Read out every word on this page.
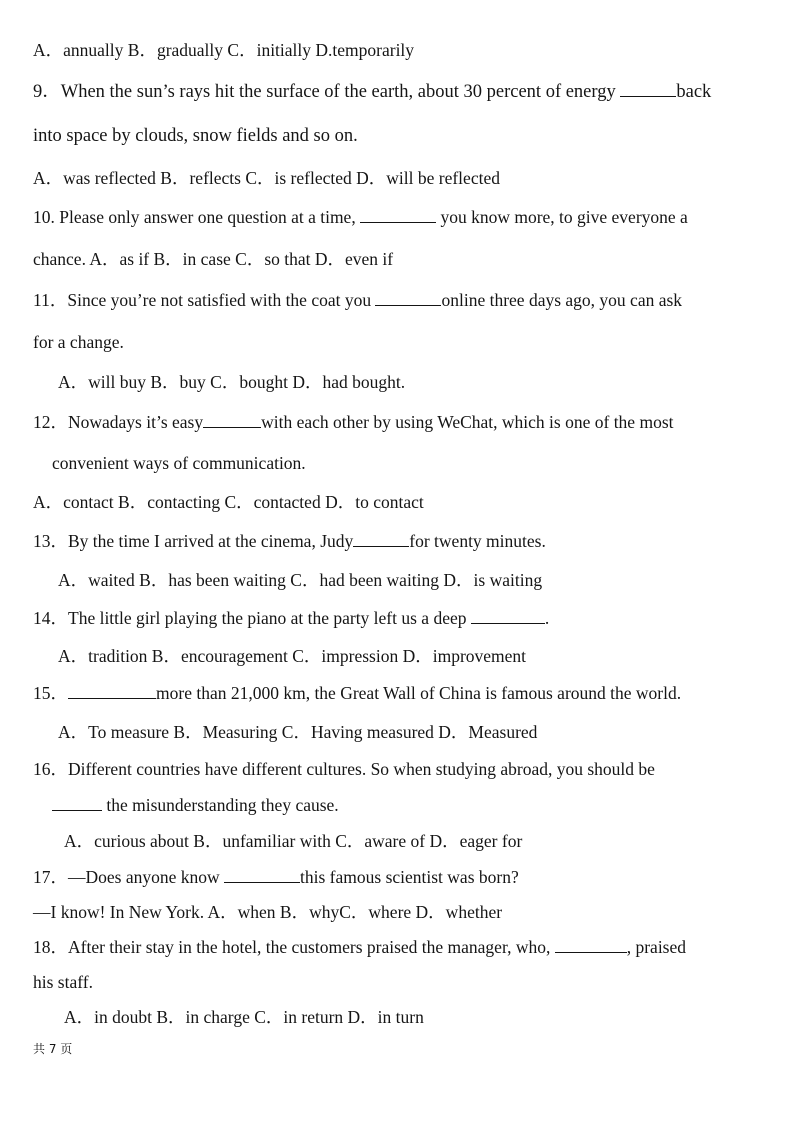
A．annually B．gradually C．initially D.temporarily
9．When the sun’s rays hit the surface of the earth, about 30 percent of energy	back
into space by clouds, snow fields and so on.
A．was reflected B．reflects C．is reflected D．will be reflected
10. Please only answer one question at a time,	you know more, to give everyone a
chance. A．as if B．in case C．so that D．even if
11．Since you’re not satisfied with the coat you	online three days ago, you can ask
for a change.
A．will buy B．buy C．bought D．had bought.
12．Nowadays it’s easy	with each other by using WeChat, which is one of the most
convenient ways of communication.
A．contact B．contacting C．contacted D．to contact
13．By the time I arrived at the cinema, Judy	for twenty minutes.
A．waited B．has been waiting C．had been waiting D．is waiting
14．The little girl playing the piano at the party left us a deep	.
A．tradition B．encouragement C．impression D．improvement
15．	more than 21,000 km, the Great Wall of China is famous around the world.
A．To measure B．Measuring C．Having measured D．Measured
16．Different countries have different cultures. So when studying abroad, you should be
the misunderstanding they cause.
A．curious about B．unfamiliar with C．aware of D．eager for
17．—Does anyone know	this famous scientist was born?
—I know! In New York. A．when B．whyC．where D．whether
18．After their stay in the hotel, the customers praised the manager, who,	, praised
his staff.
A．in doubt B．in charge C．in return D．in turn
共 7 页
